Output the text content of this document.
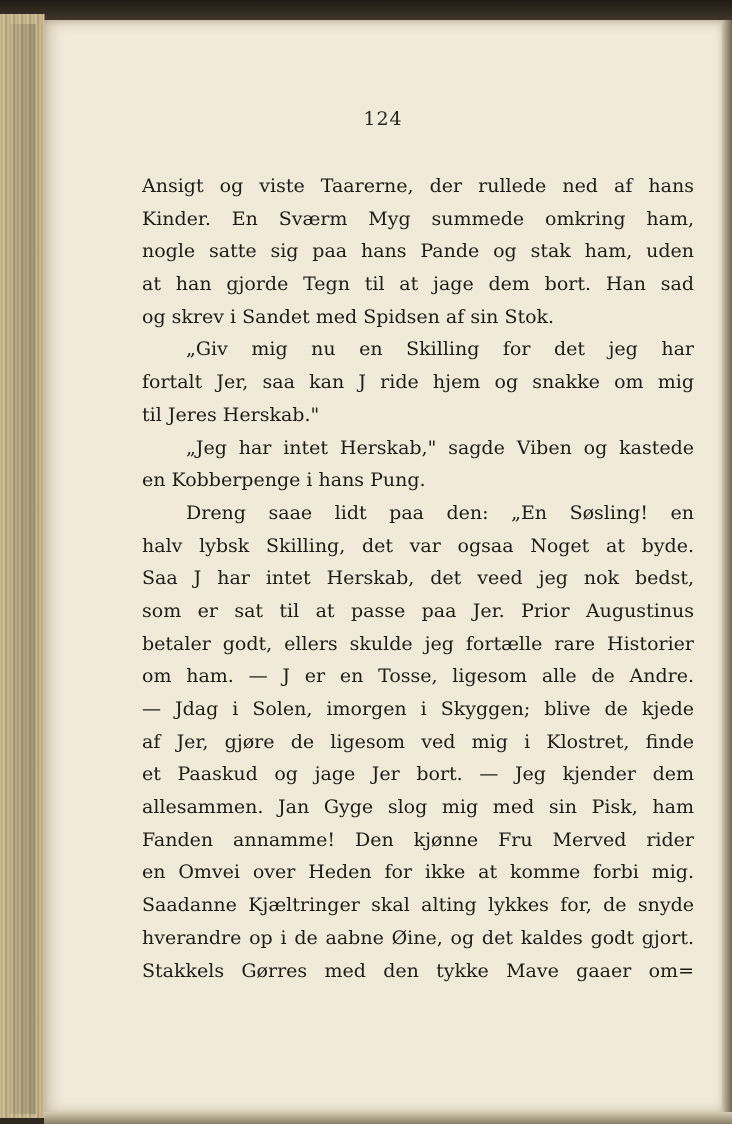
124
Ansigt og viste Taarerne, der rullede ned af hans
Kinder. En Sværm Myg summede omkring ham,
nogle satte sig paa hans Pande og stak ham, uden
at han gjorde Tegn til at jage dem bort. Han sad
og skrev i Sandet med Spidsen af sin Stok.
„Giv mig nu en Skilling for det jeg har
fortalt Jer, saa kan J ride hjem og snakke om mig
til Jeres Herskab."
„Jeg har intet Herskab," sagde Viben og kastede
en Kobberpenge i hans Pung.
Dreng saae lidt paa den: „En Søsling! en
halv lybsk Skilling, det var ogsaa Noget at byde.
Saa J har intet Herskab, det veed jeg nok bedst,
som er sat til at passe paa Jer. Prior Augustinus
betaler godt, ellers skulde jeg fortælle rare Historier
om ham. — J er en Tosse, ligesom alle de Andre.
— Jdag i Solen, imorgen i Skyggen; blive de kjede
af Jer, gjøre de ligesom ved mig i Klostret, finde
et Paaskud og jage Jer bort. — Jeg kjender dem
allesammen. Jan Gyge slog mig med sin Pisk, ham
Fanden annamme! Den kjønne Fru Merved rider
en Omvei over Heden for ikke at komme forbi mig.
Saadanne Kjæltringer skal alting lykkes for, de snyde
hverandre op i de aabne Øine, og det kaldes godt gjort.
Stakkels Gørres med den tykke Mave gaaer om=
